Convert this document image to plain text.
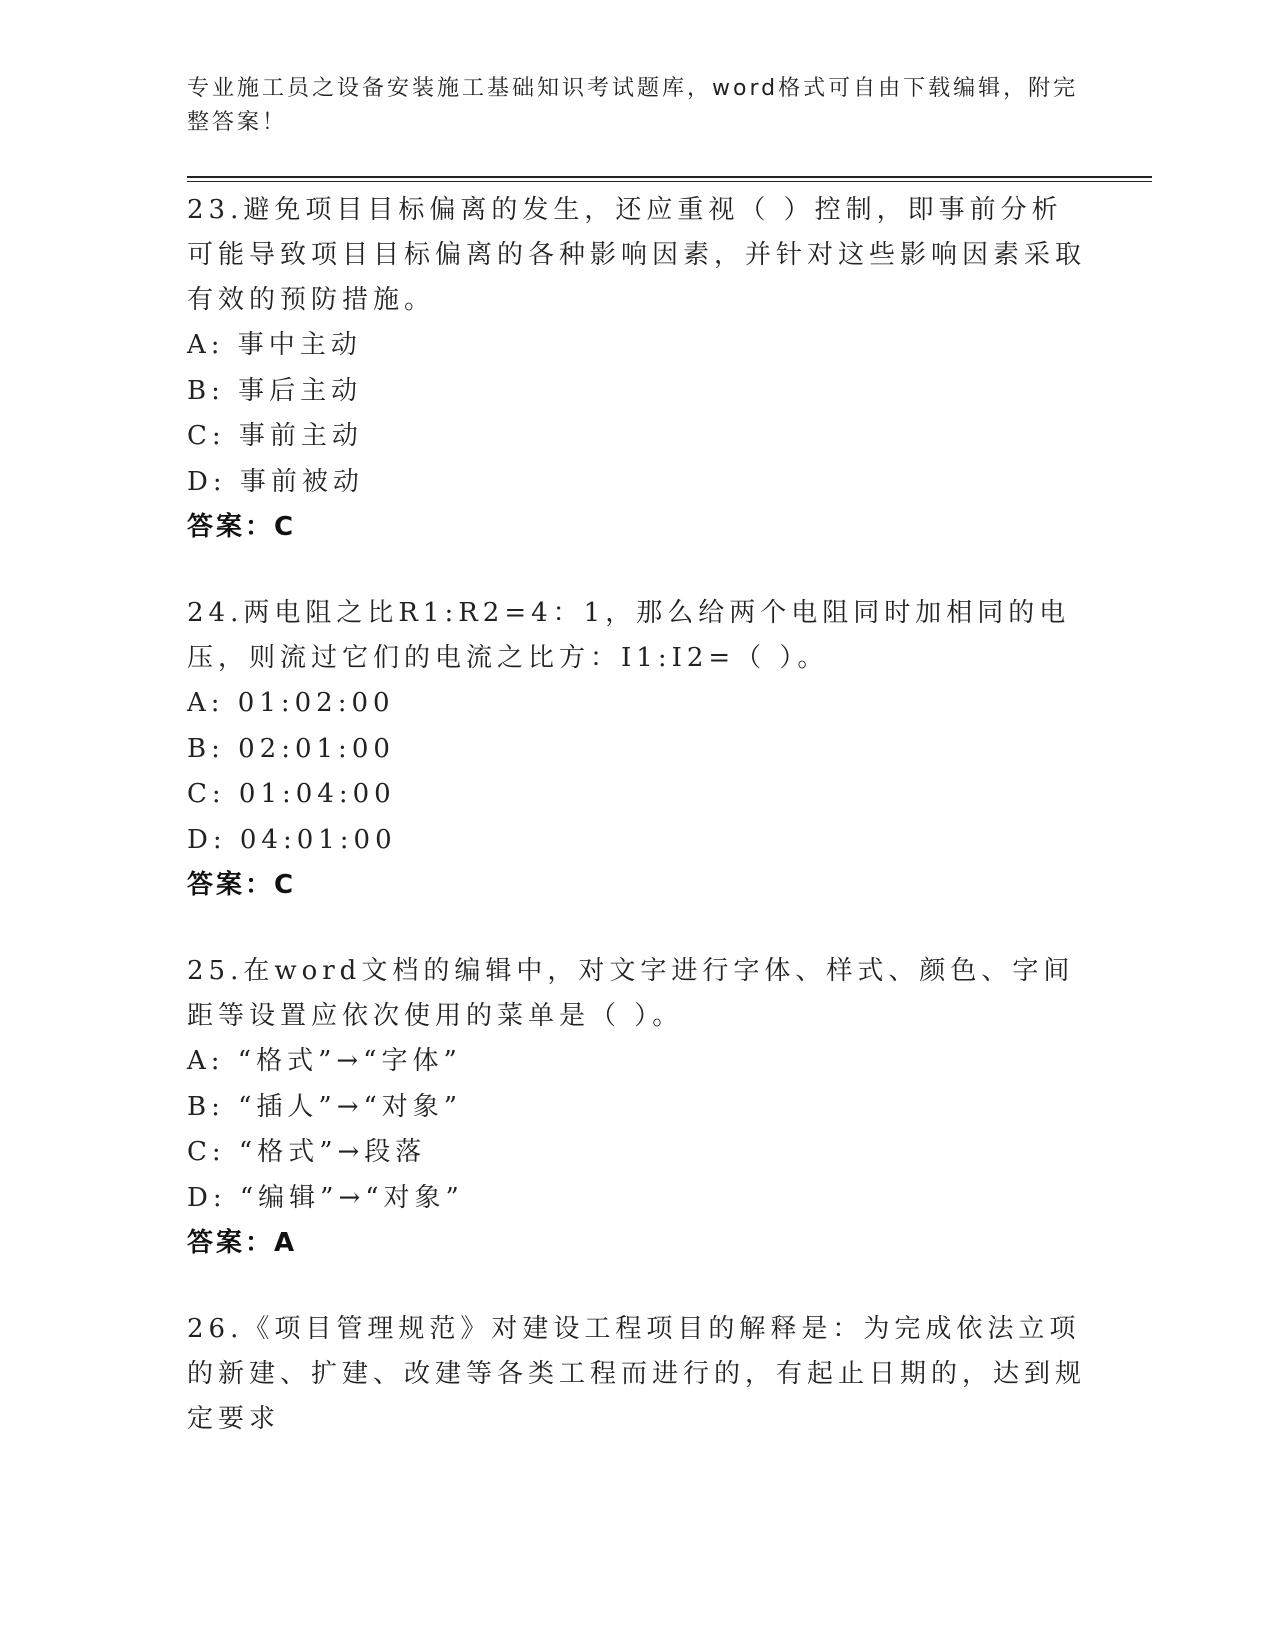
专业施工员之设备安装施工基础知识考试题库，word格式可自由下载编辑，附完整答案！
23.避免项目目标偏离的发生，还应重视（ ）控制，即事前分析可能导致项目目标偏离的各种影响因素，并针对这些影响因素采取有效的预防措施。
A: 事中主动
B: 事后主动
C: 事前主动
D: 事前被动
答案：C
24.两电阻之比R1:R2=4：1，那么给两个电阻同时加相同的电压，则流过它们的电流之比方：I1:I2=（ ）。
A: 01:02:00
B: 02:01:00
C: 01:04:00
D: 04:01:00
答案：C
25.在word文档的编辑中，对文字进行字体、样式、颜色、字间距等设置应依次使用的菜单是（ ）。
A: “格式”→“字体”
B: “插人”→“对象”
C: “格式”→段落
D: “编辑”→“对象”
答案：A
26.《项目管理规范》对建设工程项目的解释是：为完成依法立项的新建、扩建、改建等各类工程而进行的，有起止日期的，达到规定要求
